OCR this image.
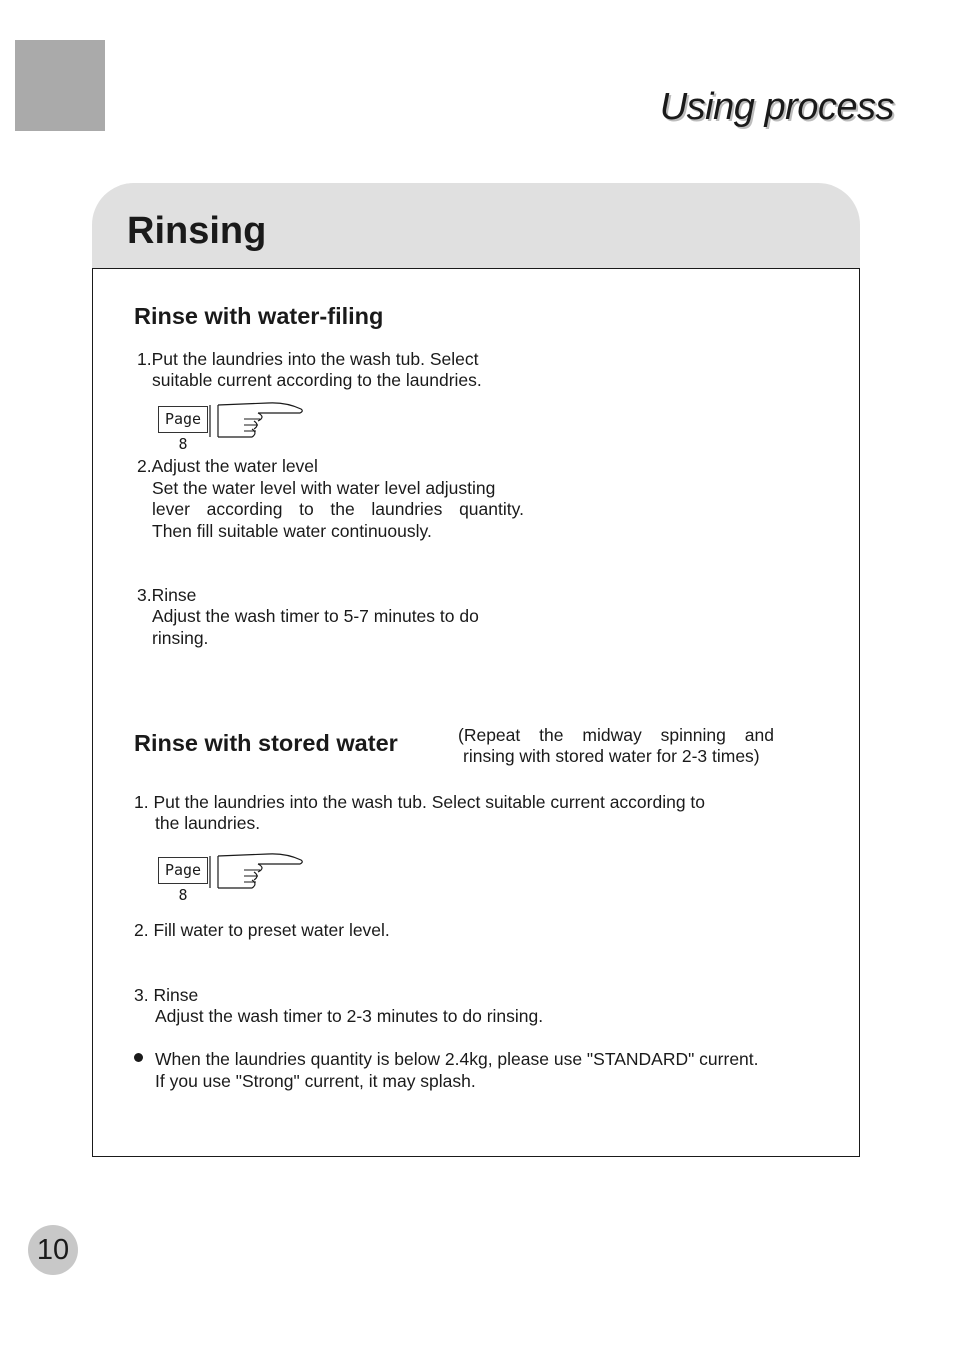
Using process
Rinsing
Rinse with water-filing
1.Put the laundries into the wash tub. Select
suitable current according to the laundries.
Page 8
2.Adjust the water level
Set the water level with water level adjusting
lever according to the laundries quantity.
Then fill suitable water continuously.
3.Rinse
Adjust the wash timer to 5-7 minutes to do
rinsing.
Rinse with stored water	(Repeat the midway spinning and
rinsing with stored water for 2-3 times)
1. Put the laundries into the wash tub. Select suitable current according to
the laundries.
Page 8
2. Fill water to preset water level.
3. Rinse
Adjust the wash timer to 2-3 minutes to do rinsing.
When the laundries quantity is below 2.4kg, please use "STANDARD" current.
If you use "Strong" current, it may splash.
10
